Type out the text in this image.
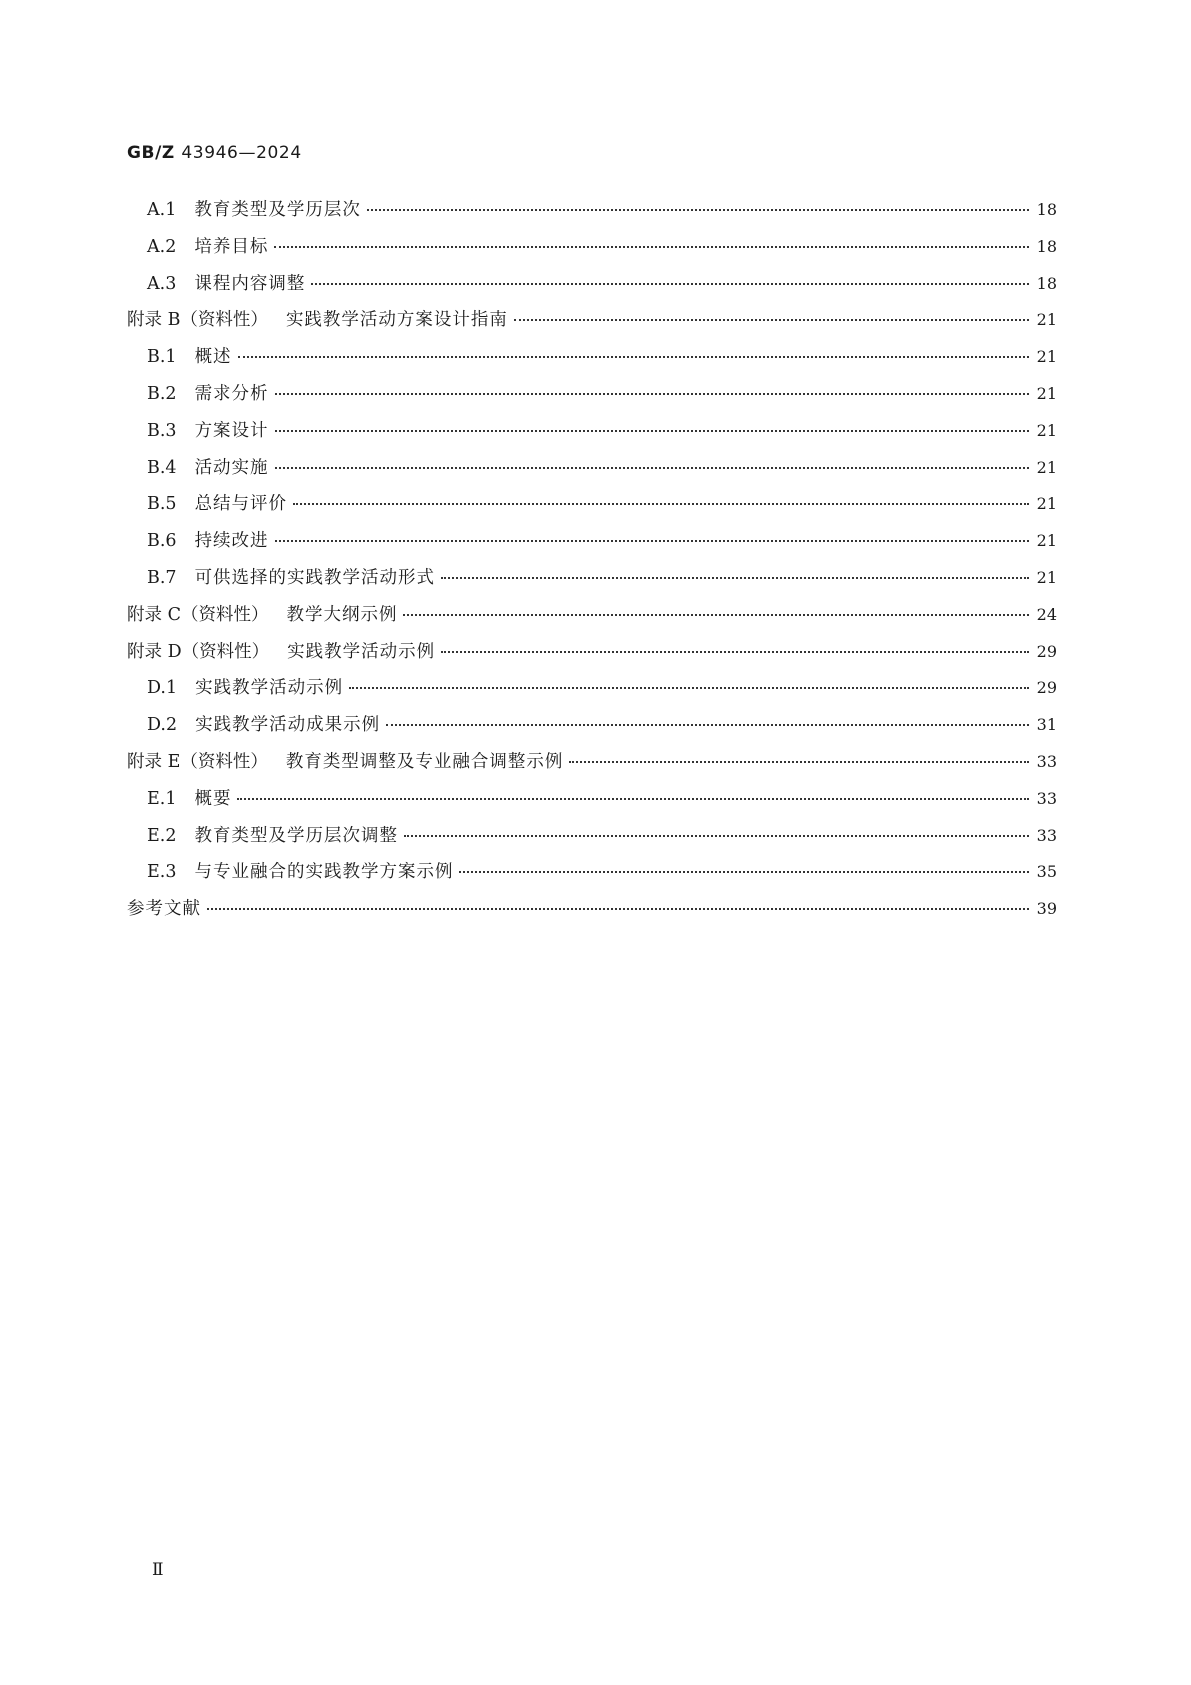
GB/Z 43946—2024
A.1 教育类型及学历层次	18
A.2 培养目标	18
A.3 课程内容调整	18
附录 B（资料性） 实践教学活动方案设计指南	21
B.1 概述	21
B.2 需求分析	21
B.3 方案设计	21
B.4 活动实施	21
B.5 总结与评价	21
B.6 持续改进	21
B.7 可供选择的实践教学活动形式	21
附录 C（资料性） 教学大纲示例	24
附录 D（资料性） 实践教学活动示例	29
D.1 实践教学活动示例	29
D.2 实践教学活动成果示例	31
附录 E（资料性） 教育类型调整及专业融合调整示例	33
E.1 概要	33
E.2 教育类型及学历层次调整	33
E.3 与专业融合的实践教学方案示例	35
参考文献	39
Ⅱ
